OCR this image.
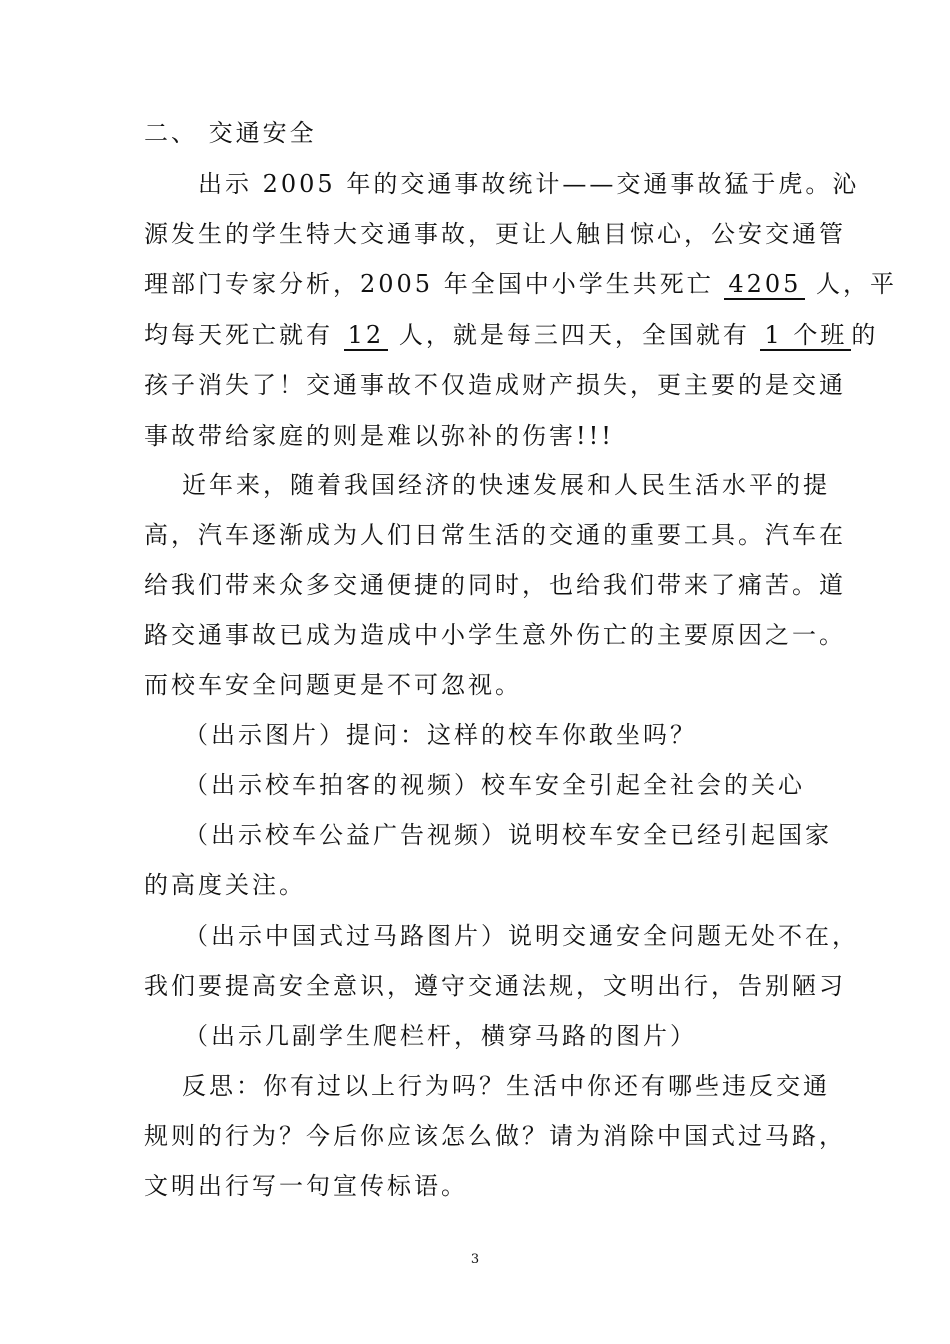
二、 交通安全
出示 2005 年的交通事故统计——交通事故猛于虎。沁
源发生的学生特大交通事故，更让人触目惊心，公安交通管
理部门专家分析，2005 年全国中小学生共死亡 4205 人，平
均每天死亡就有 12 人，就是每三四天，全国就有 1 个班 的
孩子消失了！交通事故不仅造成财产损失，更主要的是交通
事故带给家庭的则是难以弥补的伤害!!!
近年来，随着我国经济的快速发展和人民生活水平的提
高，汽车逐渐成为人们日常生活的交通的重要工具。汽车在
给我们带来众多交通便捷的同时，也给我们带来了痛苦。道
路交通事故已成为造成中小学生意外伤亡的主要原因之一。
而校车安全问题更是不可忽视。
（出示图片）提问：这样的校车你敢坐吗？
（出示校车拍客的视频）校车安全引起全社会的关心
（出示校车公益广告视频）说明校车安全已经引起国家
的高度关注。
（出示中国式过马路图片）说明交通安全问题无处不在，
我们要提高安全意识，遵守交通法规，文明出行，告别陋习
（出示几副学生爬栏杆，横穿马路的图片）
反思：你有过以上行为吗？生活中你还有哪些违反交通
规则的行为？今后你应该怎么做？请为消除中国式过马路，
文明出行写一句宣传标语。
3
